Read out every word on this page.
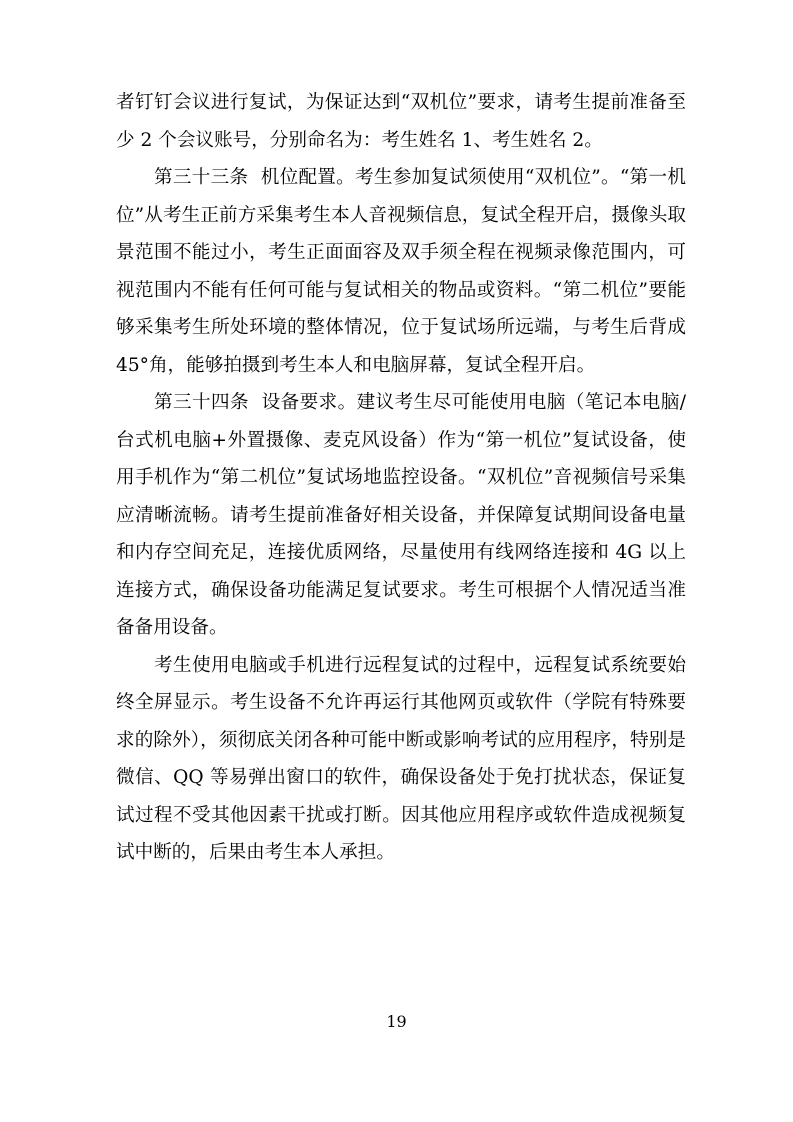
者钉钉会议进行复试，为保证达到“双机位”要求，请考生提前准备至少 2 个会议账号，分别命名为：考生姓名 1、考生姓名 2。

第三十三条  机位配置。考生参加复试须使用“双机位”。“第一机位”从考生正前方采集考生本人音视频信息，复试全程开启，摄像头取景范围不能过小，考生正面面容及双手须全程在视频录像范围内，可视范围内不能有任何可能与复试相关的物品或资料。“第二机位”要能够采集考生所处环境的整体情况，位于复试场所远端，与考生后背成 45°角，能够拍摄到考生本人和电脑屏幕，复试全程开启。

第三十四条  设备要求。建议考生尽可能使用电脑（笔记本电脑/台式机电脑+外置摄像、麦克风设备）作为“第一机位”复试设备，使用手机作为“第二机位”复试场地监控设备。“双机位”音视频信号采集应清晰流畅。请考生提前准备好相关设备，并保障复试期间设备电量和内存空间充足，连接优质网络，尽量使用有线网络连接和 4G 以上连接方式，确保设备功能满足复试要求。考生可根据个人情况适当准备备用设备。

考生使用电脑或手机进行远程复试的过程中，远程复试系统要始终全屏显示。考生设备不允许再运行其他网页或软件（学院有特殊要求的除外），须彻底关闭各种可能中断或影响考试的应用程序，特别是微信、QQ 等易弹出窗口的软件，确保设备处于免打扰状态，保证复试过程不受其他因素干扰或打断。因其他应用程序或软件造成视频复试中断的，后果由考生本人承担。

19
